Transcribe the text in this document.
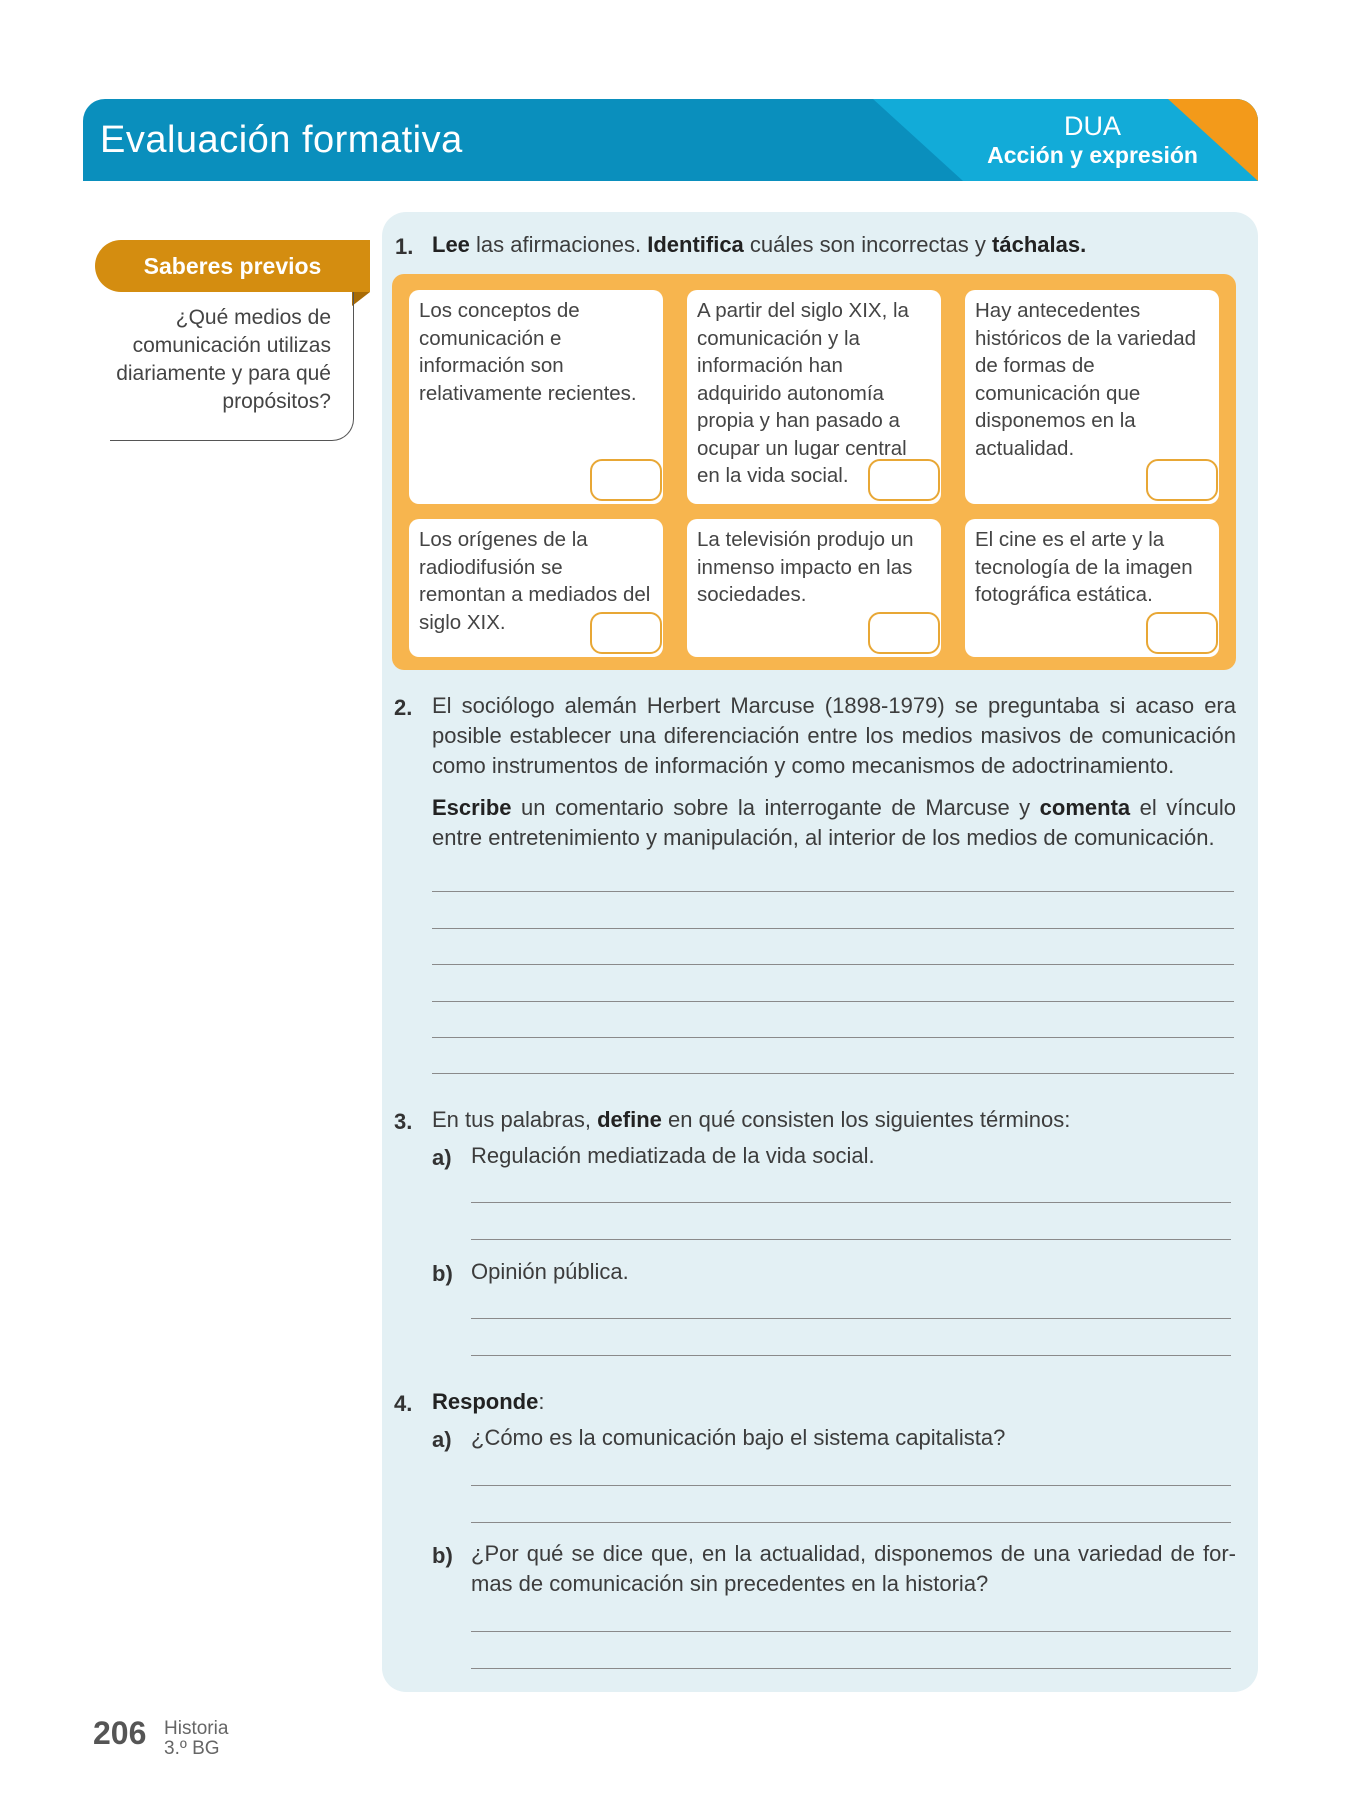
Evaluación formativa	DUA
Acción y expresión
Saberes previos
¿Qué medios de comunicación utilizas diariamente y para qué propósitos?
1. Lee las afirmaciones. Identifica cuáles son incorrectas y táchalas.
Los conceptos de comunicación e información son relativamente recientes.
A partir del siglo XIX, la comunicación y la información han adquirido autonomía propia y han pasado a ocupar un lugar central en la vida social.
Hay antecedentes históricos de la variedad de formas de comunicación que disponemos en la actualidad.
Los orígenes de la radiodifusión se remontan a mediados del siglo XIX.
La televisión produjo un inmenso impacto en las sociedades.
El cine es el arte y la tecnología de la imagen fotográfica estática.
2. El sociólogo alemán Herbert Marcuse (1898-1979) se preguntaba si acaso era posible establecer una diferenciación entre los medios masivos de comunicación como instrumentos de información y como mecanismos de adoctrinamiento.
Escribe un comentario sobre la interrogante de Marcuse y comenta el vínculo entre entretenimiento y manipulación, al interior de los medios de comunicación.
3. En tus palabras, define en qué consisten los siguientes términos:
a) Regulación mediatizada de la vida social.
b) Opinión pública.
4. Responde:
a) ¿Cómo es la comunicación bajo el sistema capitalista?
b) ¿Por qué se dice que, en la actualidad, disponemos de una variedad de for-mas de comunicación sin precedentes en la historia?
206 Historia
3.º BG
